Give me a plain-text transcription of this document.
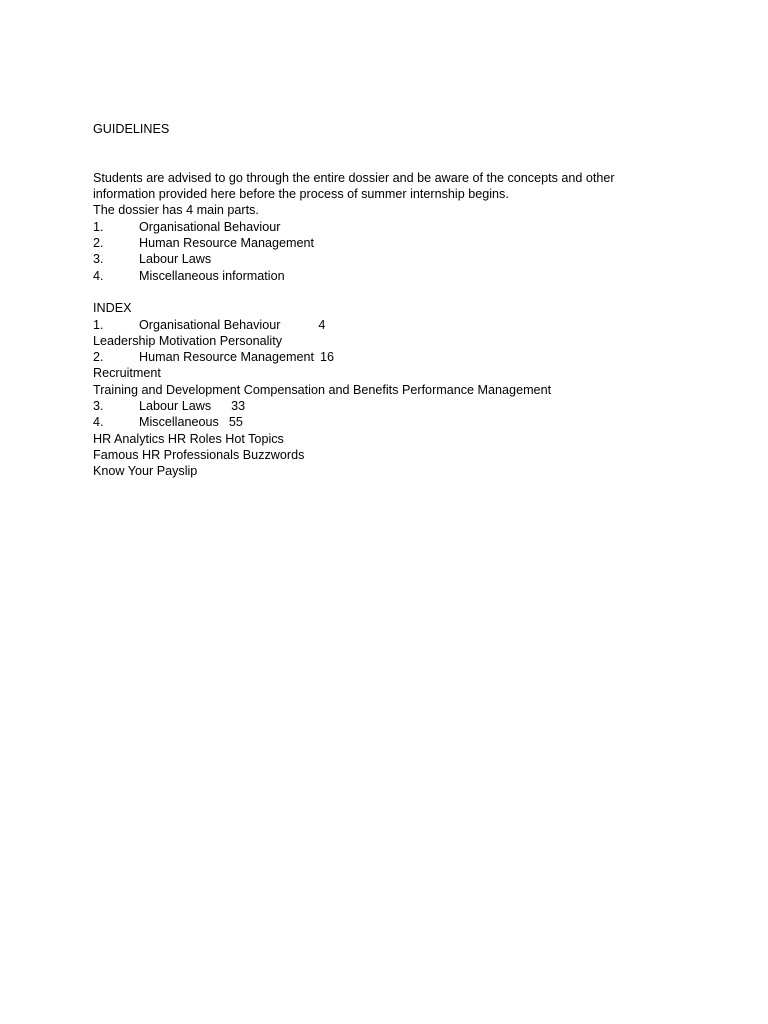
GUIDELINES
Students are advised to go through the entire dossier and be aware of the concepts and other
information provided here before the process of summer internship begins.
The dossier has 4 main parts.
1.	Organisational Behaviour
2.	Human Resource Management
3.	Labour Laws
4.	Miscellaneous information
INDEX
1.	Organisational Behaviour	4
Leadership Motivation Personality
2.	Human Resource Management 16
Recruitment
Training and Development Compensation and Benefits Performance Management
3.	Labour Laws 33
4.	Miscellaneous 55
HR Analytics HR Roles Hot Topics
Famous HR Professionals Buzzwords
Know Your Payslip
